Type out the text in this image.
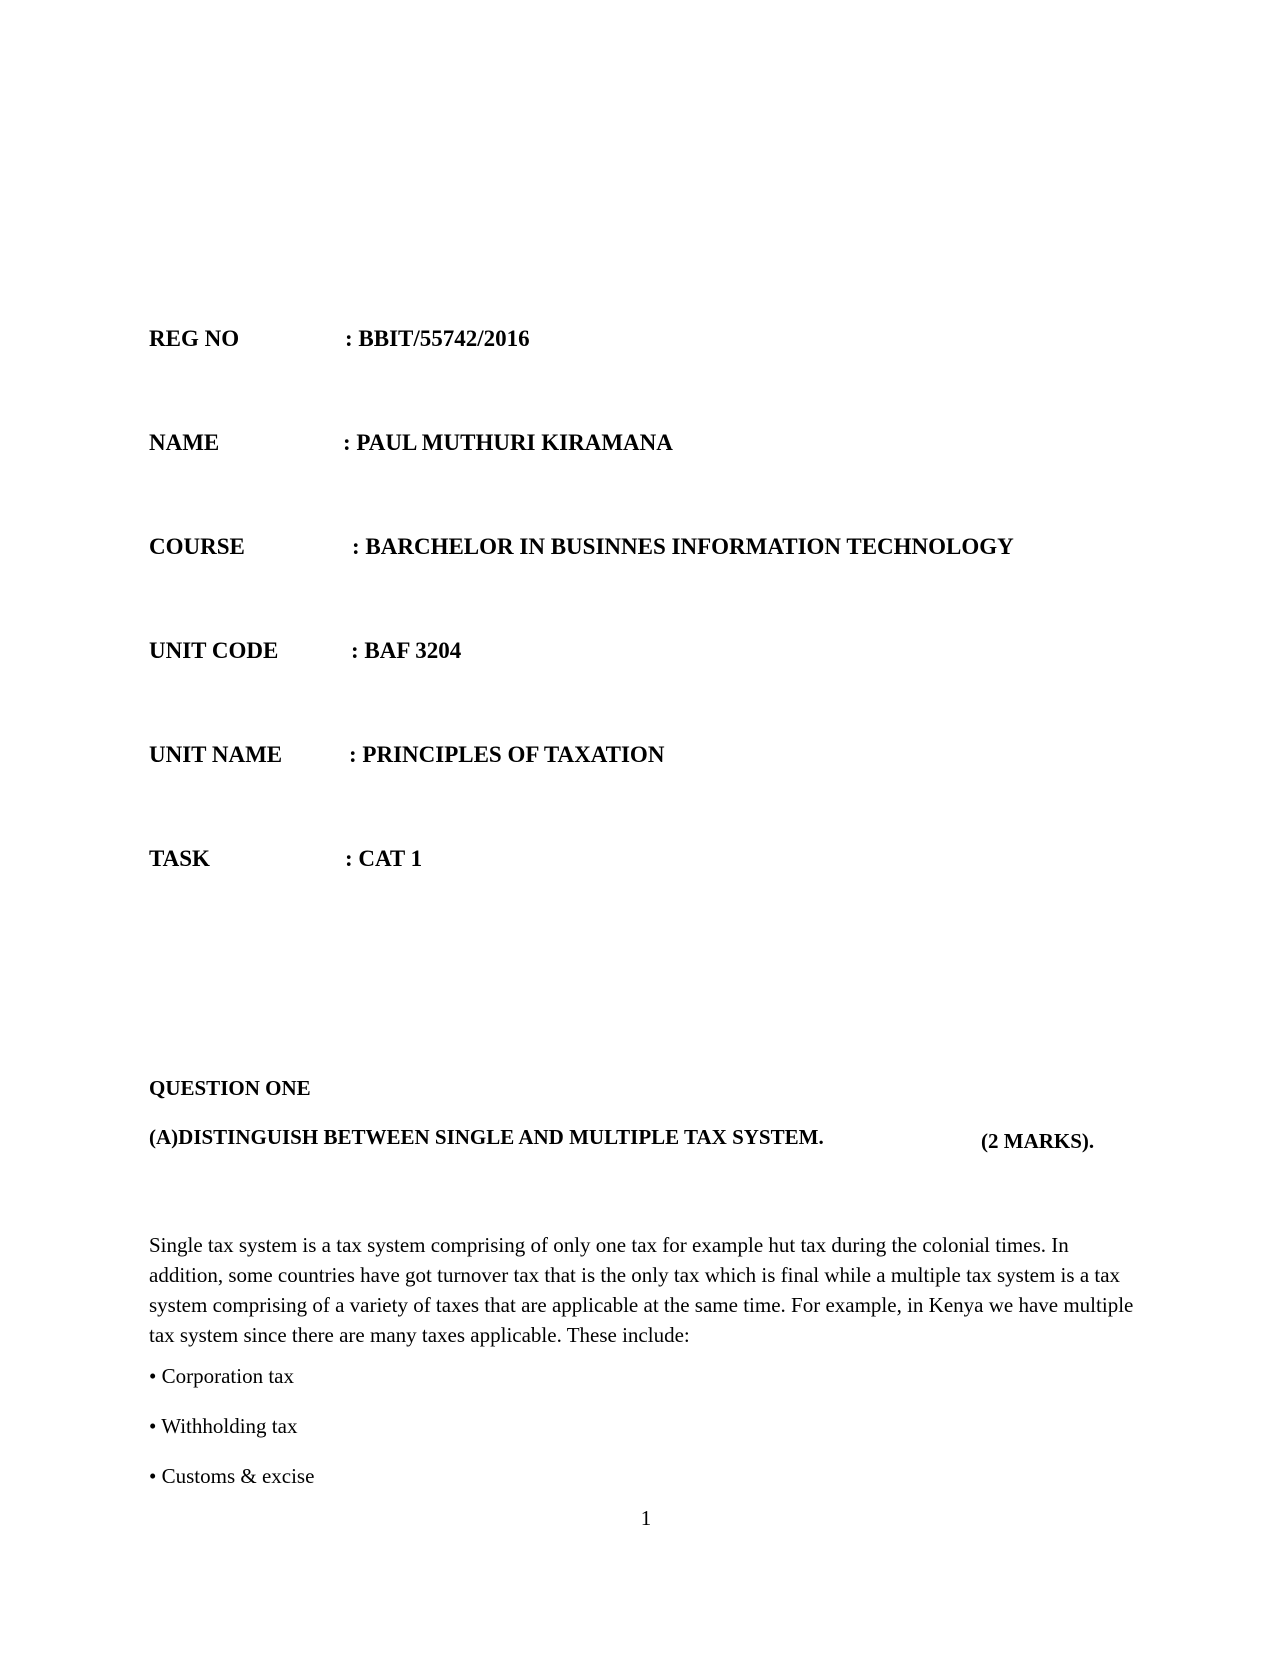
REG NO	: BBIT/55742/2016
NAME	: PAUL MUTHURI KIRAMANA
COURSE	: BARCHELOR IN BUSINNES INFORMATION TECHNOLOGY
UNIT CODE	: BAF 3204
UNIT NAME	: PRINCIPLES OF TAXATION
TASK	: CAT 1
QUESTION ONE
(A)DISTINGUISH BETWEEN SINGLE AND MULTIPLE TAX SYSTEM.	(2 MARKS).

Single tax system is a tax system comprising of only one tax for example hut tax during the colonial times. In addition, some countries have got turnover tax that is the only tax which is final while a multiple tax system is a tax system comprising of a variety of taxes that are applicable at the same time. For example, in Kenya we have multiple tax system since there are many taxes applicable. These include:

• Corporation tax
• Withholding tax
• Customs & excise
1
